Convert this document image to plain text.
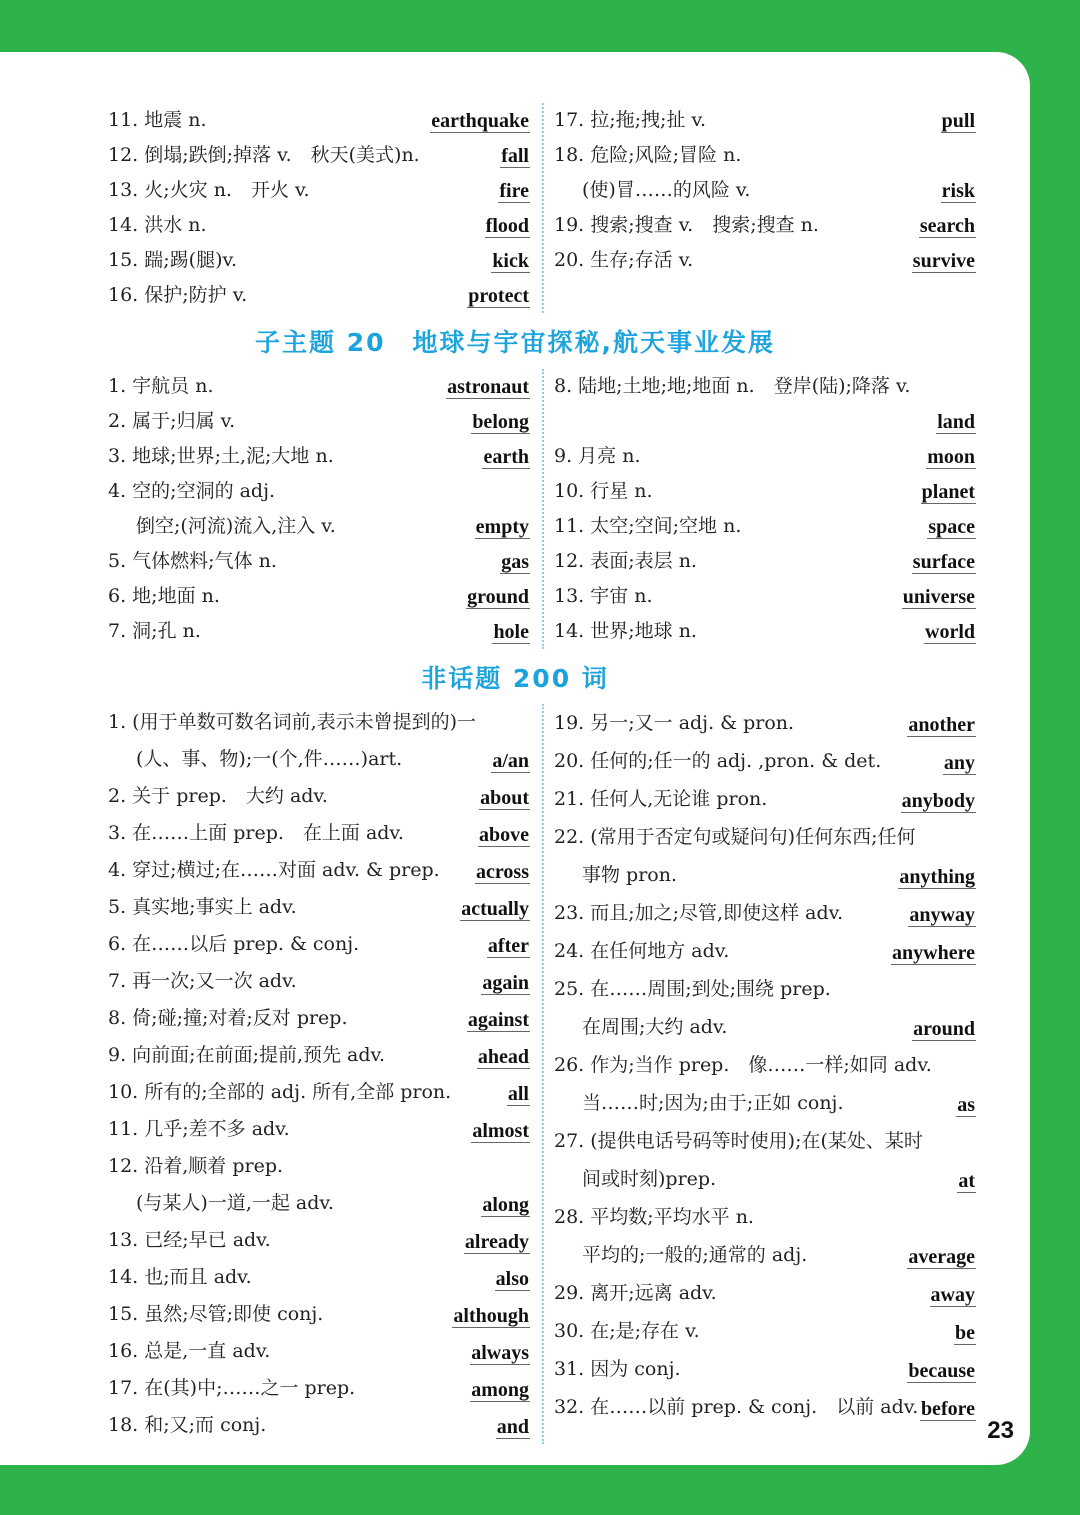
11. 地震 n.	earthquake
12. 倒塌;跌倒;掉落 v.　秋天(美式)n.	fall
13. 火;火灾 n.　开火 v.	fire
14. 洪水 n.	flood
15. 踹;踢(腿)v.	kick
16. 保护;防护 v.	protect
17. 拉;拖;拽;扯 v.	pull
18. 危险;风险;冒险 n.
(使)冒……的风险 v.	risk
19. 搜索;搜查 v.　搜索;搜查 n.	search
20. 生存;存活 v.	survive
子主题 20　地球与宇宙探秘,航天事业发展
1. 宇航员 n.	astronaut
2. 属于;归属 v.	belong
3. 地球;世界;土,泥;大地 n.	earth
4. 空的;空洞的 adj.
倒空;(河流)流入,注入 v.	empty
5. 气体燃料;气体 n.	gas
6. 地;地面 n.	ground
7. 洞;孔 n.	hole
8. 陆地;土地;地;地面 n.　登岸(陆);降落 v.
land
9. 月亮 n.	moon
10. 行星 n.	planet
11. 太空;空间;空地 n.	space
12. 表面;表层 n.	surface
13. 宇宙 n.	universe
14. 世界;地球 n.	world
非话题 200 词
1. (用于单数可数名词前,表示未曾提到的)一
(人、事、物);一(个,件……)art.	a/an
2. 关于 prep.　大约 adv.	about
3. 在……上面 prep.　在上面 adv.	above
4. 穿过;横过;在……对面 adv. & prep. across
5. 真实地;事实上 adv.	actually
6. 在……以后 prep. & conj.	after
7. 再一次;又一次 adv.	again
8. 倚;碰;撞;对着;反对 prep.	against
9. 向前面;在前面;提前,预先 adv.	ahead
10. 所有的;全部的 adj. 所有,全部 pron.	all
11. 几乎;差不多 adv.	almost
12. 沿着,顺着 prep.
(与某人)一道,一起 adv.	along
13. 已经;早已 adv.	already
14. 也;而且 adv.	also
15. 虽然;尽管;即使 conj.	although
16. 总是,一直 adv.	always
17. 在(其)中;……之一 prep.	among
18. 和;又;而 conj.	and
19. 另一;又一 adj. & pron.	another
20. 任何的;任一的 adj. ,pron. & det.	any
21. 任何人,无论谁 pron.	anybody
22. (常用于否定句或疑问句)任何东西;任何
事物 pron.	anything
23. 而且;加之;尽管,即使这样 adv.	anyway
24. 在任何地方 adv.	anywhere
25. 在……周围;到处;围绕 prep.
在周围;大约 adv.	around
26. 作为;当作 prep.　像……一样;如同 adv.
当……时;因为;由于;正如 conj.	as
27. (提供电话号码等时使用);在(某处、某时
间或时刻)prep.	at
28. 平均数;平均水平 n.
平均的;一般的;通常的 adj.	average
29. 离开;远离 adv.	away
30. 在;是;存在 v.	be
31. 因为 conj.	because
32. 在……以前 prep. & conj.　以前 adv. before
23
